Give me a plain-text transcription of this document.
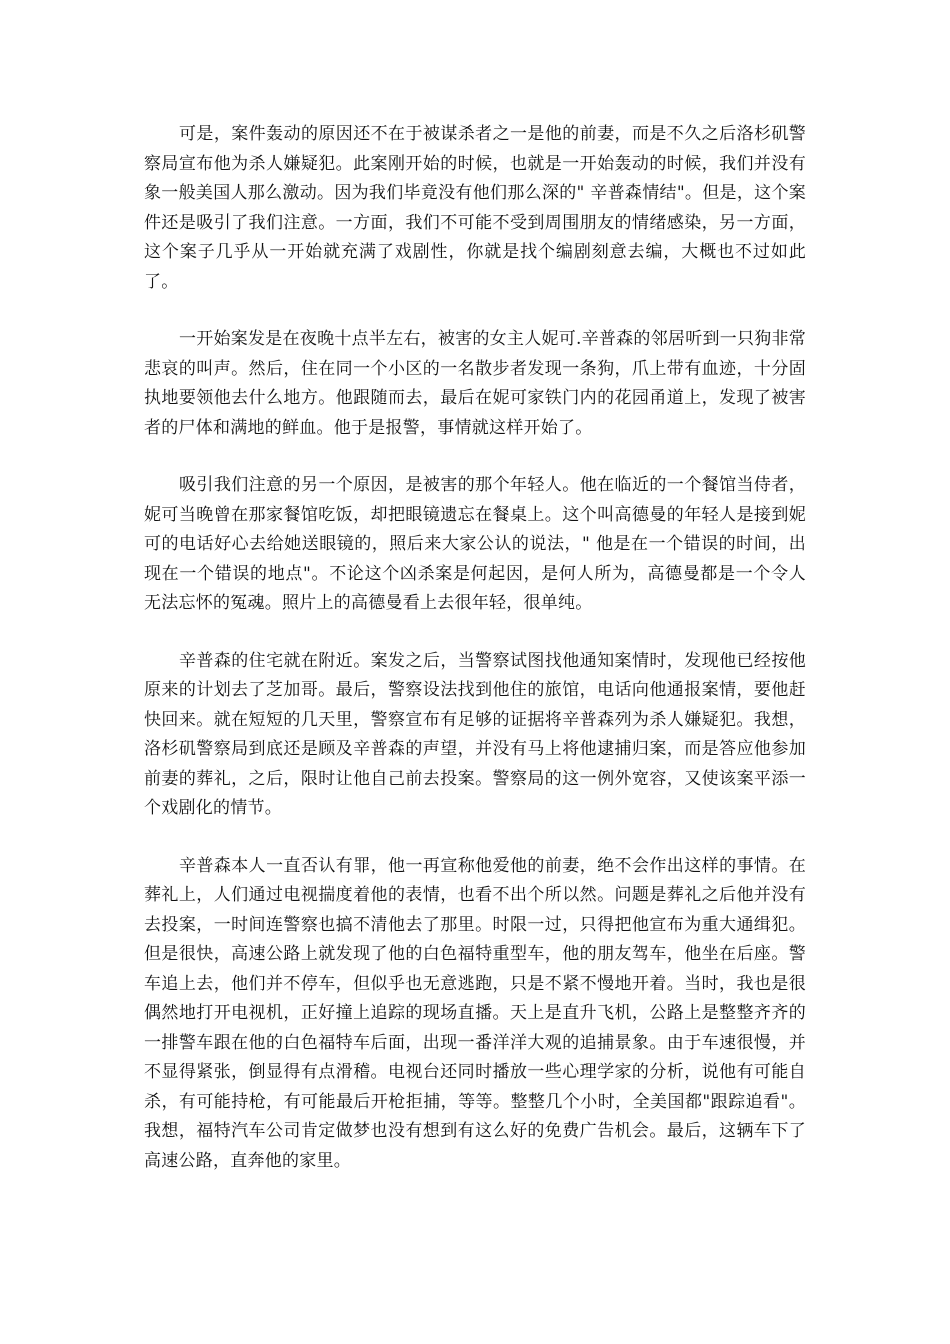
可是，案件轰动的原因还不在于被谋杀者之一是他的前妻，而是不久之后洛杉矶警察局宣布他为杀人嫌疑犯。此案刚开始的时候，也就是一开始轰动的时候，我们并没有象一般美国人那么激动。因为我们毕竟没有他们那么深的" 辛普森情结"。但是，这个案件还是吸引了我们注意。一方面，我们不可能不受到周围朋友的情绪感染，另一方面，这个案子几乎从一开始就充满了戏剧性，你就是找个编剧刻意去编，大概也不过如此了。

一开始案发是在夜晚十点半左右，被害的女主人妮可.辛普森的邻居听到一只狗非常悲哀的叫声。然后，住在同一个小区的一名散步者发现一条狗，爪上带有血迹，十分固执地要领他去什么地方。他跟随而去，最后在妮可家铁门内的花园甬道上，发现了被害者的尸体和满地的鲜血。他于是报警，事情就这样开始了。

吸引我们注意的另一个原因，是被害的那个年轻人。他在临近的一个餐馆当侍者，妮可当晚曾在那家餐馆吃饭，却把眼镜遗忘在餐桌上。这个叫高德曼的年轻人是接到妮可的电话好心去给她送眼镜的，照后来大家公认的说法，" 他是在一个错误的时间，出现在一个错误的地点"。不论这个凶杀案是何起因，是何人所为，高德曼都是一个令人无法忘怀的冤魂。照片上的高德曼看上去很年轻，很单纯。

辛普森的住宅就在附近。案发之后，当警察试图找他通知案情时，发现他已经按他原来的计划去了芝加哥。最后，警察设法找到他住的旅馆，电话向他通报案情，要他赶快回来。就在短短的几天里，警察宣布有足够的证据将辛普森列为杀人嫌疑犯。我想，洛杉矶警察局到底还是顾及辛普森的声望，并没有马上将他逮捕归案，而是答应他参加前妻的葬礼，之后，限时让他自己前去投案。警察局的这一例外宽容，又使该案平添一个戏剧化的情节。

辛普森本人一直否认有罪，他一再宣称他爱他的前妻，绝不会作出这样的事情。在葬礼上，人们通过电视揣度着他的表情，也看不出个所以然。问题是葬礼之后他并没有去投案，一时间连警察也搞不清他去了那里。时限一过，只得把他宣布为重大通缉犯。但是很快，高速公路上就发现了他的白色福特重型车，他的朋友驾车，他坐在后座。警车追上去，他们并不停车，但似乎也无意逃跑，只是不紧不慢地开着。当时，我也是很偶然地打开电视机，正好撞上追踪的现场直播。天上是直升飞机，公路上是整整齐齐的一排警车跟在他的白色福特车后面，出现一番洋洋大观的追捕景象。由于车速很慢，并不显得紧张，倒显得有点滑稽。电视台还同时播放一些心理学家的分析，说他有可能自杀，有可能持枪，有可能最后开枪拒捕，等等。整整几个小时，全美国都"跟踪追看"。我想，福特汽车公司肯定做梦也没有想到有这么好的免费广告机会。最后，这辆车下了高速公路，直奔他的家里。
